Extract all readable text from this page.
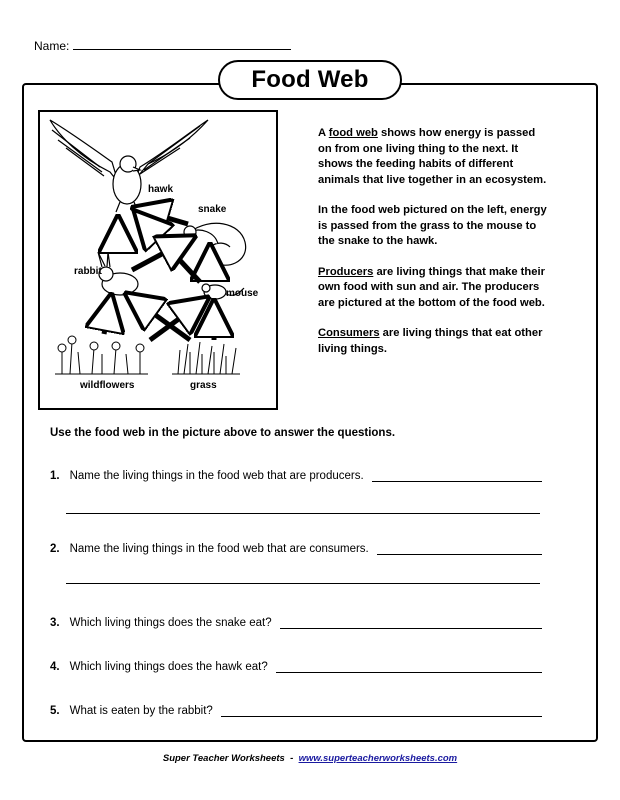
Name:
Food Web
hawk
snake
rabbit
mouse
wildflowers	grass

A food web shows how energy is passed on from one living thing to the next. It shows the feeding habits of different animals that live together in an ecosystem.

In the food web pictured on the left, energy is passed from the grass to the mouse to the snake to the hawk.

Producers are living things that make their own food with sun and air. The producers are pictured at the bottom of the food web.

Consumers are living things that eat other living things.

Use the food web in the picture above to answer the questions.
1. Name the living things in the food web that are producers.
2. Name the living things in the food web that are consumers.
3. Which living things does the snake eat?
4. Which living things does the hawk eat?
5. What is eaten by the rabbit?
Super Teacher Worksheets - www.superteacherworksheets.com
